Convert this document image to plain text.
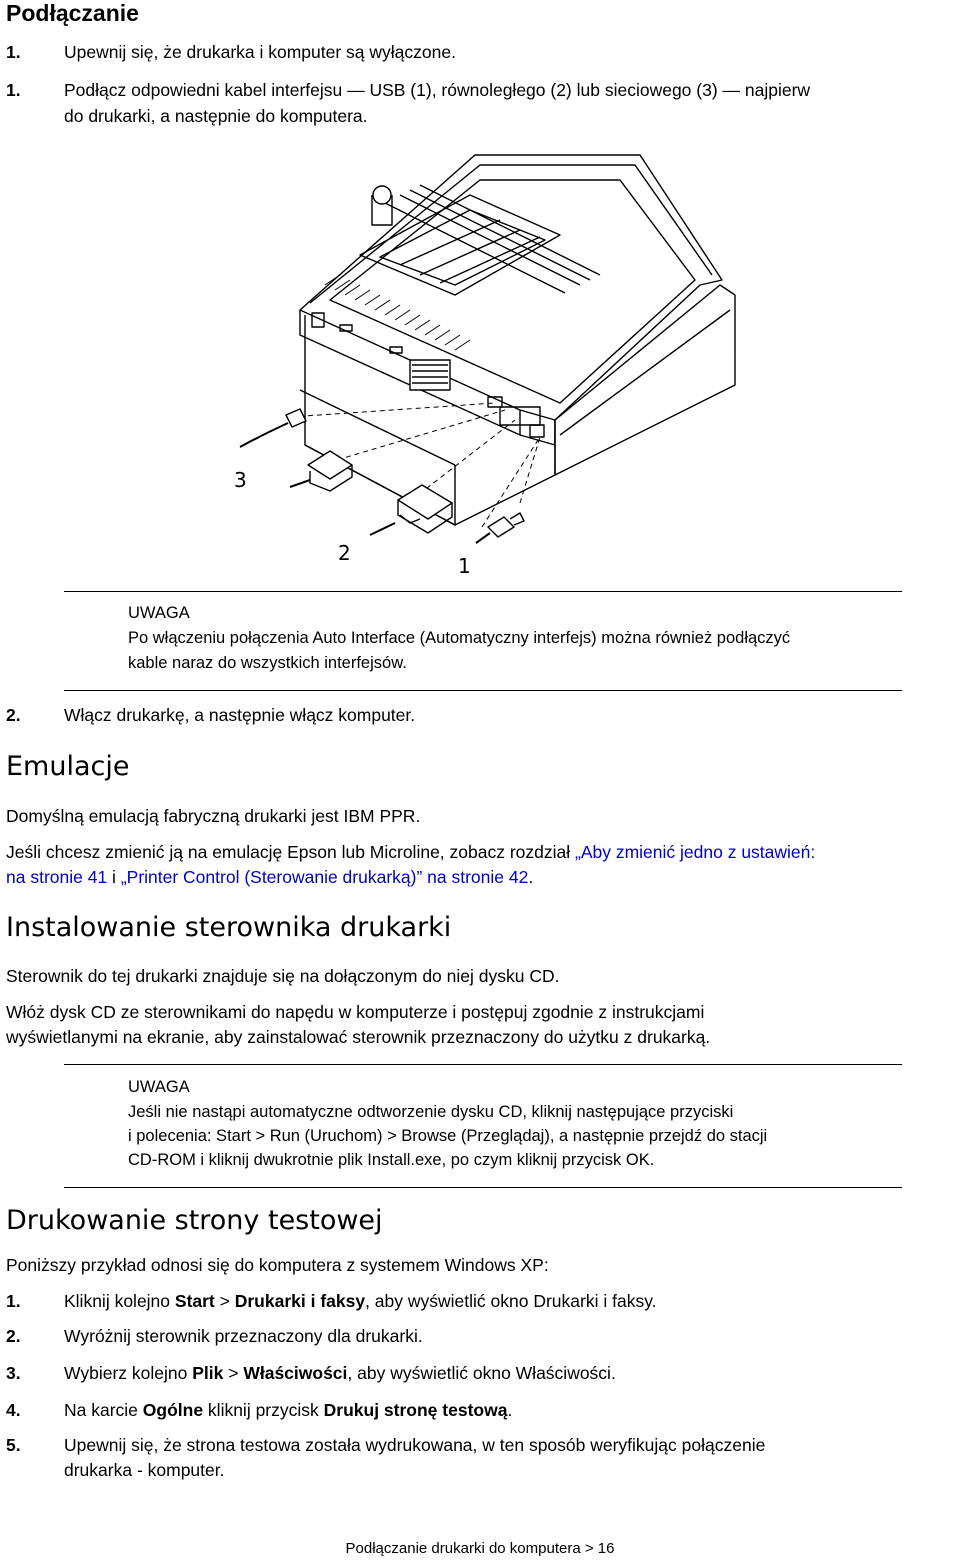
Podłączanie
1. Upewnij się, że drukarka i komputer są wyłączone.
1. Podłącz odpowiedni kabel interfejsu — USB (1), równoległego (2) lub sieciowego (3) — najpierw
do drukarki, a następnie do komputera.
3
2
1
UWAGA
Po włączeniu połączenia Auto Interface (Automatyczny interfejs) można również podłączyć
kable naraz do wszystkich interfejsów.
2. Włącz drukarkę, a następnie włącz komputer.
Emulacje
Domyślną emulacją fabryczną drukarki jest IBM PPR.
Jeśli chcesz zmienić ją na emulację Epson lub Microline, zobacz rozdział „Aby zmienić jedno z ustawień:
na stronie 41 i „Printer Control (Sterowanie drukarką)” na stronie 42.
Instalowanie sterownika drukarki
Sterownik do tej drukarki znajduje się na dołączonym do niej dysku CD.
Włóż dysk CD ze sterownikami do napędu w komputerze i postępuj zgodnie z instrukcjami
wyświetlanymi na ekranie, aby zainstalować sterownik przeznaczony do użytku z drukarką.
UWAGA
Jeśli nie nastąpi automatyczne odtworzenie dysku CD, kliknij następujące przyciski
i polecenia: Start > Run (Uruchom) > Browse (Przeglądaj), a następnie przejdź do stacji
CD-ROM i kliknij dwukrotnie plik Install.exe, po czym kliknij przycisk OK.
Drukowanie strony testowej
Poniższy przykład odnosi się do komputera z systemem Windows XP:
1. Kliknij kolejno Start > Drukarki i faksy, aby wyświetlić okno Drukarki i faksy.
2. Wyróżnij sterownik przeznaczony dla drukarki.
3. Wybierz kolejno Plik > Właściwości, aby wyświetlić okno Właściwości.
4. Na karcie Ogólne kliknij przycisk Drukuj stronę testową.
5. Upewnij się, że strona testowa została wydrukowana, w ten sposób weryfikując połączenie
drukarka - komputer.
Podłączanie drukarki do komputera > 16
